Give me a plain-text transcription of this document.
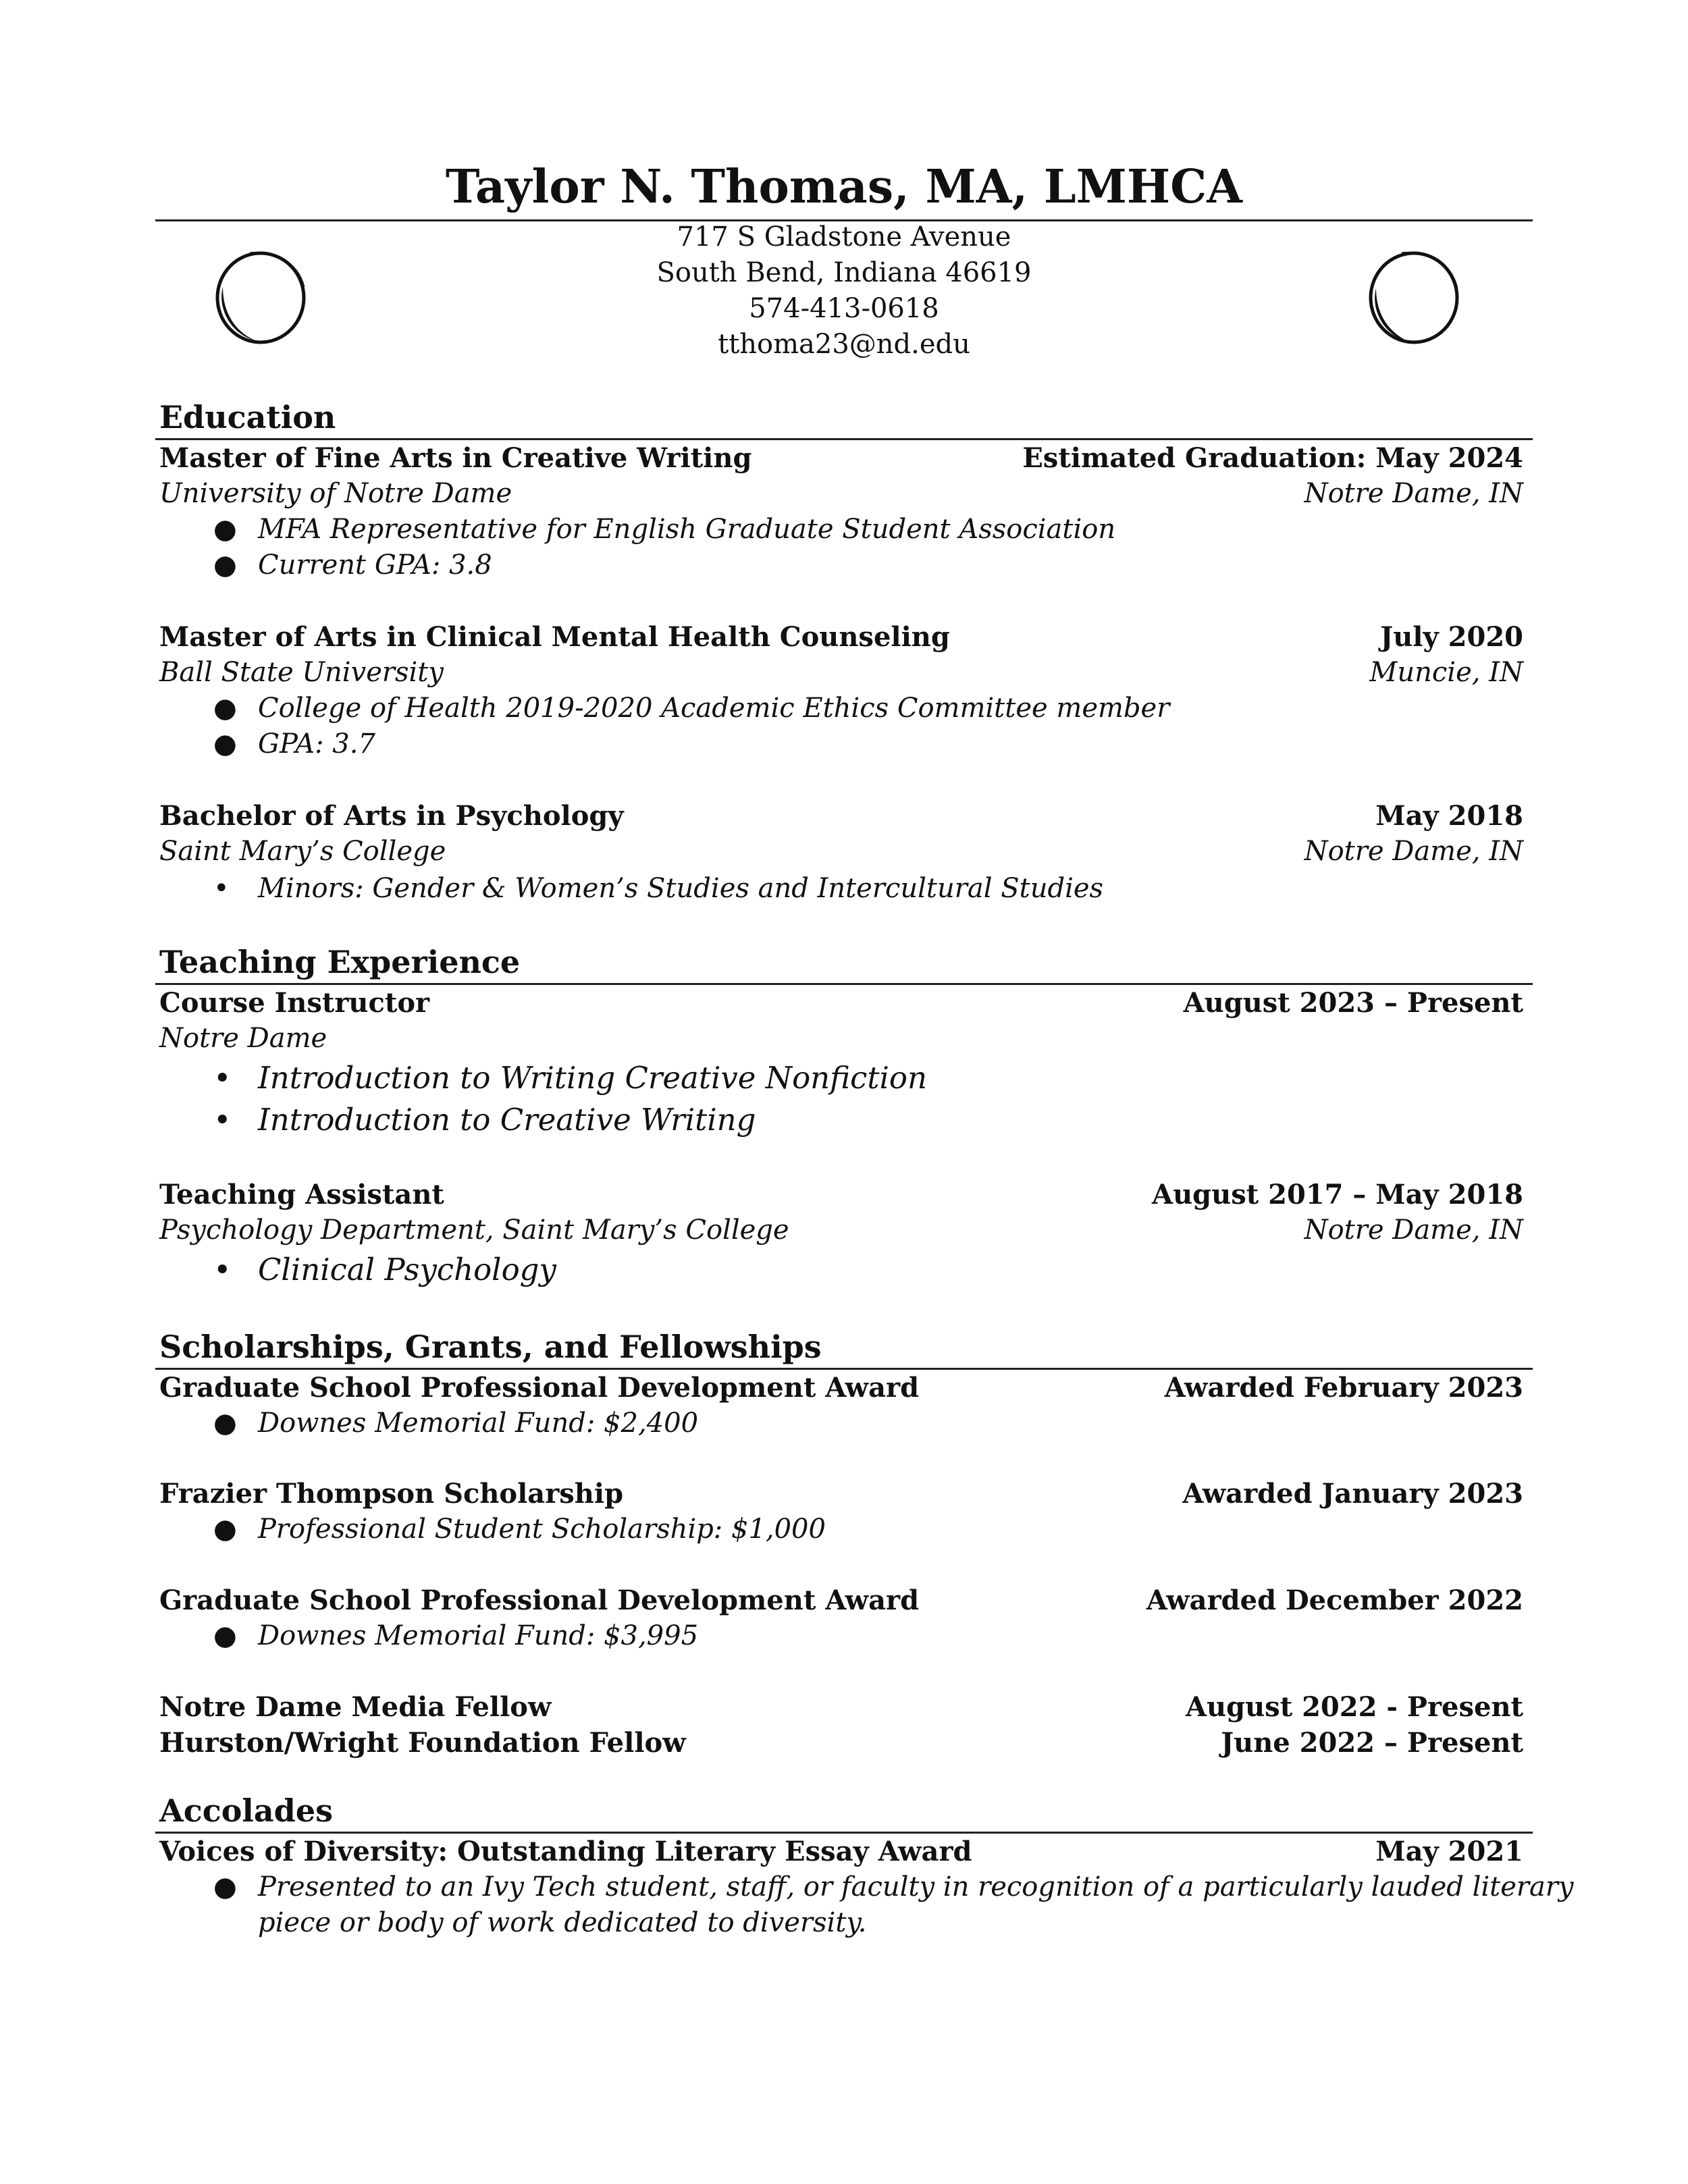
Taylor N. Thomas, MA, LMHCA
717 S Gladstone Avenue
South Bend, Indiana 46619
574-413-0618
tthoma23@nd.edu
Education
Master of Fine Arts in Creative Writing	Estimated Graduation: May 2024
University of Notre Dame	Notre Dame, IN
● MFA Representative for English Graduate Student Association
● Current GPA: 3.8
Master of Arts in Clinical Mental Health Counseling	July 2020
Ball State University	Muncie, IN
● College of Health 2019-2020 Academic Ethics Committee member
● GPA: 3.7
Bachelor of Arts in Psychology	May 2018
Saint Mary’s College	Notre Dame, IN
• Minors: Gender & Women’s Studies and Intercultural Studies
Teaching Experience
Course Instructor	August 2023 – Present
Notre Dame
• Introduction to Writing Creative Nonfiction
• Introduction to Creative Writing
Teaching Assistant	August 2017 – May 2018
Psychology Department, Saint Mary’s College	Notre Dame, IN
• Clinical Psychology
Scholarships, Grants, and Fellowships
Graduate School Professional Development Award	Awarded February 2023
● Downes Memorial Fund: $2,400
Frazier Thompson Scholarship	Awarded January 2023
● Professional Student Scholarship: $1,000
Graduate School Professional Development Award	Awarded December 2022
● Downes Memorial Fund: $3,995
Notre Dame Media Fellow	August 2022 - Present
Hurston/Wright Foundation Fellow	June 2022 – Present
Accolades
Voices of Diversity: Outstanding Literary Essay Award	May 2021
● Presented to an Ivy Tech student, staff, or faculty in recognition of a particularly lauded literary
piece or body of work dedicated to diversity.
